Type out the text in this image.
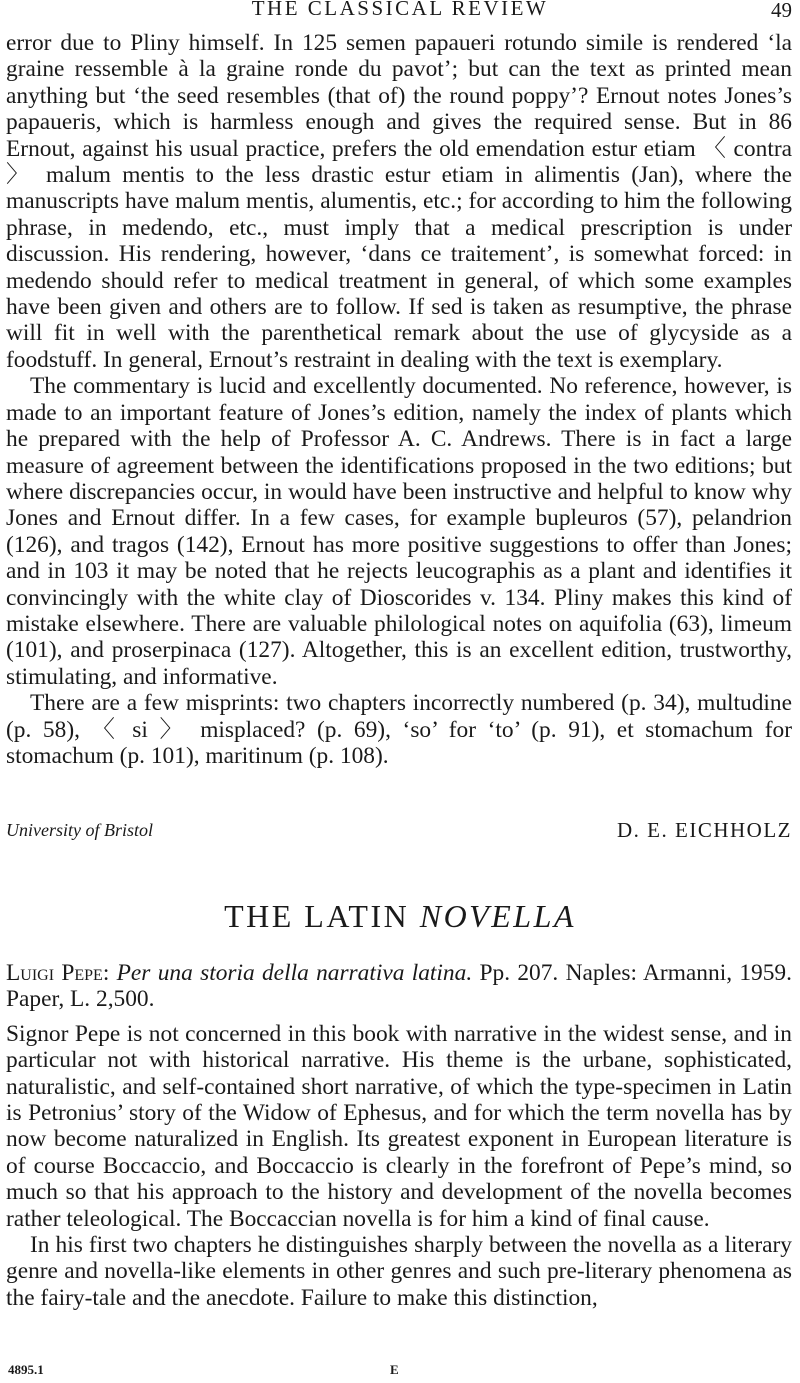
THE CLASSICAL REVIEW	49

error due to Pliny himself. In 125 semen papaueri rotundo simile is rendered ‘la graine ressemble à la graine ronde du pavot’; but can the text as printed mean anything but ‘the seed resembles (that of) the round poppy’? Ernout notes Jones’s papaueris, which is harmless enough and gives the required sense. But in 86 Ernout, against his usual practice, prefers the old emendation estur etiam 〈 contra 〉 malum mentis to the less drastic estur etiam in alimentis (Jan), where the manuscripts have malum mentis, alumentis, etc.; for according to him the following phrase, in medendo, etc., must imply that a medical prescription is under discussion. His rendering, however, ‘dans ce traitement’, is somewhat forced: in medendo should refer to medical treatment in general, of which some examples have been given and others are to follow. If sed is taken as resumptive, the phrase will fit in well with the parenthetical remark about the use of glycyside as a foodstuff. In general, Ernout’s restraint in dealing with the text is exemplary.

The commentary is lucid and excellently documented. No reference, however, is made to an important feature of Jones’s edition, namely the index of plants which he prepared with the help of Professor A. C. Andrews. There is in fact a large measure of agreement between the identifications proposed in the two editions; but where discrepancies occur, in would have been instructive and helpful to know why Jones and Ernout differ. In a few cases, for example bupleuros (57), pelandrion (126), and tragos (142), Ernout has more positive suggestions to offer than Jones; and in 103 it may be noted that he rejects leucographis as a plant and identifies it convincingly with the white clay of Dioscorides v. 134. Pliny makes this kind of mistake elsewhere. There are valuable philological notes on aquifolia (63), limeum (101), and proserpinaca (127). Altogether, this is an excellent edition, trustworthy, stimulating, and informative.

There are a few misprints: two chapters incorrectly numbered (p. 34), multudine (p. 58), 〈 si 〉 misplaced? (p. 69), ‘so’ for ‘to’ (p. 91), et stomachum for stomachum (p. 101), maritinum (p. 108).

University of Bristol	D. E. EICHHOLZ
THE LATIN NOVELLA

Luigi Pepe: Per una storia della narrativa latina. Pp. 207. Naples: Armanni, 1959. Paper, L. 2,500.

Signor Pepe is not concerned in this book with narrative in the widest sense, and in particular not with historical narrative. His theme is the urbane, sophisticated, naturalistic, and self-contained short narrative, of which the type-specimen in Latin is Petronius’ story of the Widow of Ephesus, and for which the term novella has by now become naturalized in English. Its greatest exponent in European literature is of course Boccaccio, and Boccaccio is clearly in the forefront of Pepe’s mind, so much so that his approach to the history and development of the novella becomes rather teleological. The Boccaccian novella is for him a kind of final cause.

In his first two chapters he distinguishes sharply between the novella as a literary genre and novella-like elements in other genres and such pre-literary phenomena as the fairy-tale and the anecdote. Failure to make this distinction,

4895.1	E
